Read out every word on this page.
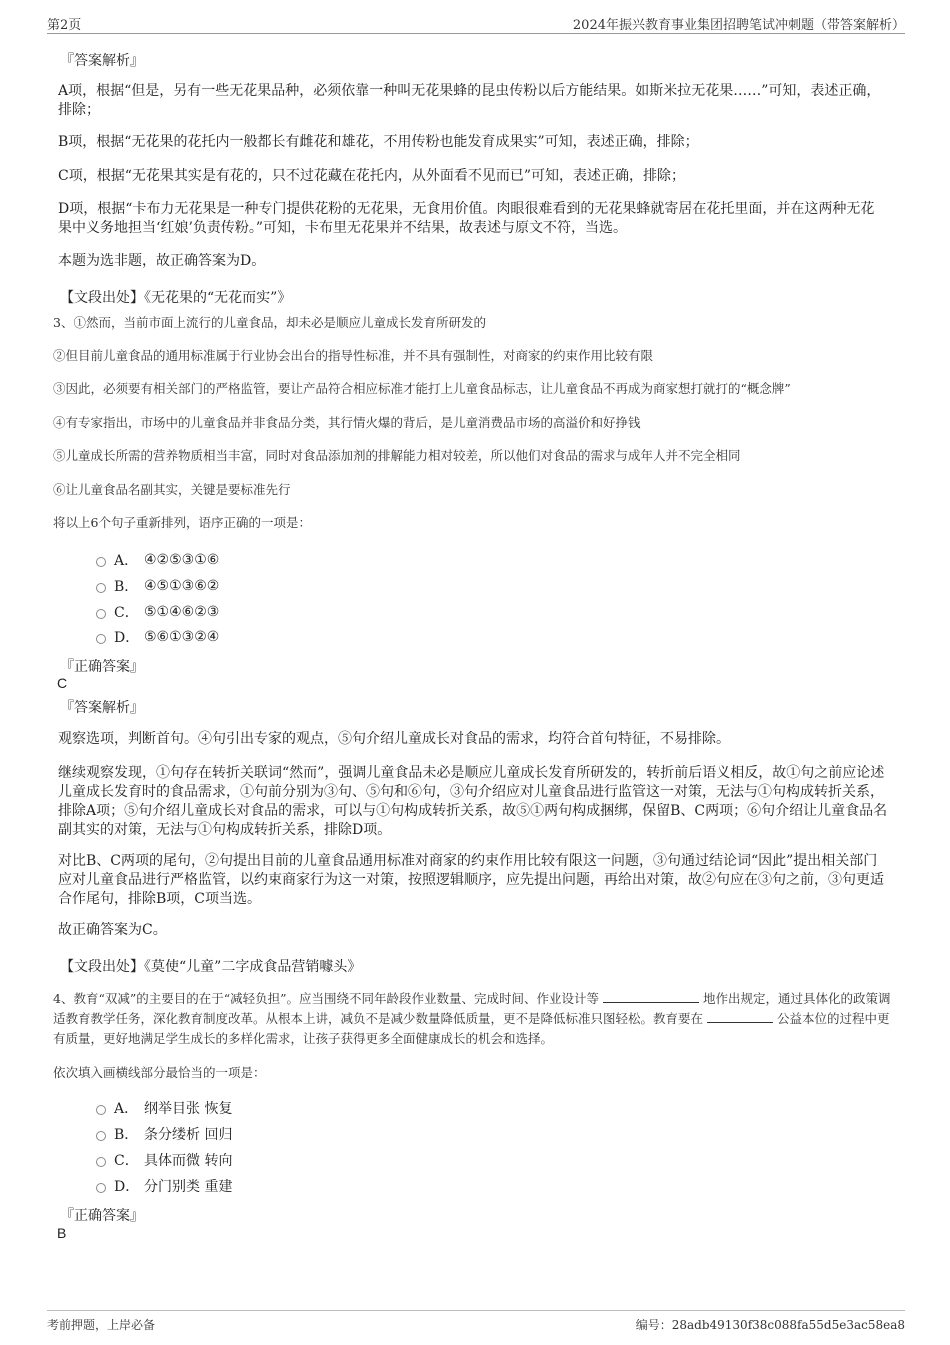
第2页	2024年振兴教育事业集团招聘笔试冲刺题（带答案解析）
『答案解析』
A项，根据“但是，另有一些无花果品种，必须依靠一种叫无花果蜂的昆虫传粉以后方能结果。如斯米拉无花果……”可知，表述正确，排除；
B项，根据“无花果的花托内一般都长有雌花和雄花，不用传粉也能发育成果实”可知，表述正确，排除；
C项，根据“无花果其实是有花的，只不过花藏在花托内，从外面看不见而已”可知，表述正确，排除；
D项，根据“卡布力无花果是一种专门提供花粉的无花果，无食用价值。肉眼很难看到的无花果蜂就寄居在花托里面，并在这两种无花果中义务地担当‘红娘’负责传粉。”可知，卡布里无花果并不结果，故表述与原文不符，当选。
本题为选非题，故正确答案为D。
【文段出处】《无花果的“无花而实”》
3、①然而，当前市面上流行的儿童食品，却未必是顺应儿童成长发育所研发的
②但目前儿童食品的通用标准属于行业协会出台的指导性标准，并不具有强制性，对商家的约束作用比较有限
③因此，必须要有相关部门的严格监管，要让产品符合相应标准才能打上儿童食品标志，让儿童食品不再成为商家想打就打的“概念牌”
④有专家指出，市场中的儿童食品并非食品分类，其行情火爆的背后，是儿童消费品市场的高溢价和好挣钱
⑤儿童成长所需的营养物质相当丰富，同时对食品添加剂的排解能力相对较差，所以他们对食品的需求与成年人并不完全相同
⑥让儿童食品名副其实，关键是要标准先行
将以上6个句子重新排列，语序正确的一项是：
A． ④②⑤③①⑥
B． ④⑤①③⑥②
C． ⑤①④⑥②③
D． ⑤⑥①③②④
『正确答案』
C
『答案解析』
观察选项，判断首句。④句引出专家的观点，⑤句介绍儿童成长对食品的需求，均符合首句特征，不易排除。
继续观察发现，①句存在转折关联词“然而”，强调儿童食品未必是顺应儿童成长发育所研发的，转折前后语义相反，故①句之前应论述儿童成长发育时的食品需求，①句前分别为③句、⑤句和⑥句，③句介绍应对儿童食品进行监管这一对策，无法与①句构成转折关系，排除A项；⑤句介绍儿童成长对食品的需求，可以与①句构成转折关系，故⑤①两句构成捆绑，保留B、C两项；⑥句介绍让儿童食品名副其实的对策，无法与①句构成转折关系，排除D项。
对比B、C两项的尾句，②句提出目前的儿童食品通用标准对商家的约束作用比较有限这一问题，③句通过结论词“因此”提出相关部门应对儿童食品进行严格监管，以约束商家行为这一对策，按照逻辑顺序，应先提出问题，再给出对策，故②句应在③句之前，③句更适合作尾句，排除B项，C项当选。
故正确答案为C。
【文段出处】《莫使“儿童”二字成食品营销噱头》
4、教育“双减”的主要目的在于“减轻负担”。应当围绕不同年龄段作业数量、完成时间、作业设计等	地作出规定，通过具体化的政策调适教育教学任务，深化教育制度改革。从根本上讲，减负不是减少数量降低质量，更不是降低标准只图轻松。教育要在	公益本位的过程中更有质量，更好地满足学生成长的多样化需求，让孩子获得更多全面健康成长的机会和选择。
依次填入画横线部分最恰当的一项是：
A． 纲举目张 恢复
B． 条分缕析 回归
C． 具体而微 转向
D． 分门别类 重建
『正确答案』
B
考前押题，上岸必备	编号：28adb49130f38c088fa55d5e3ac58ea8
